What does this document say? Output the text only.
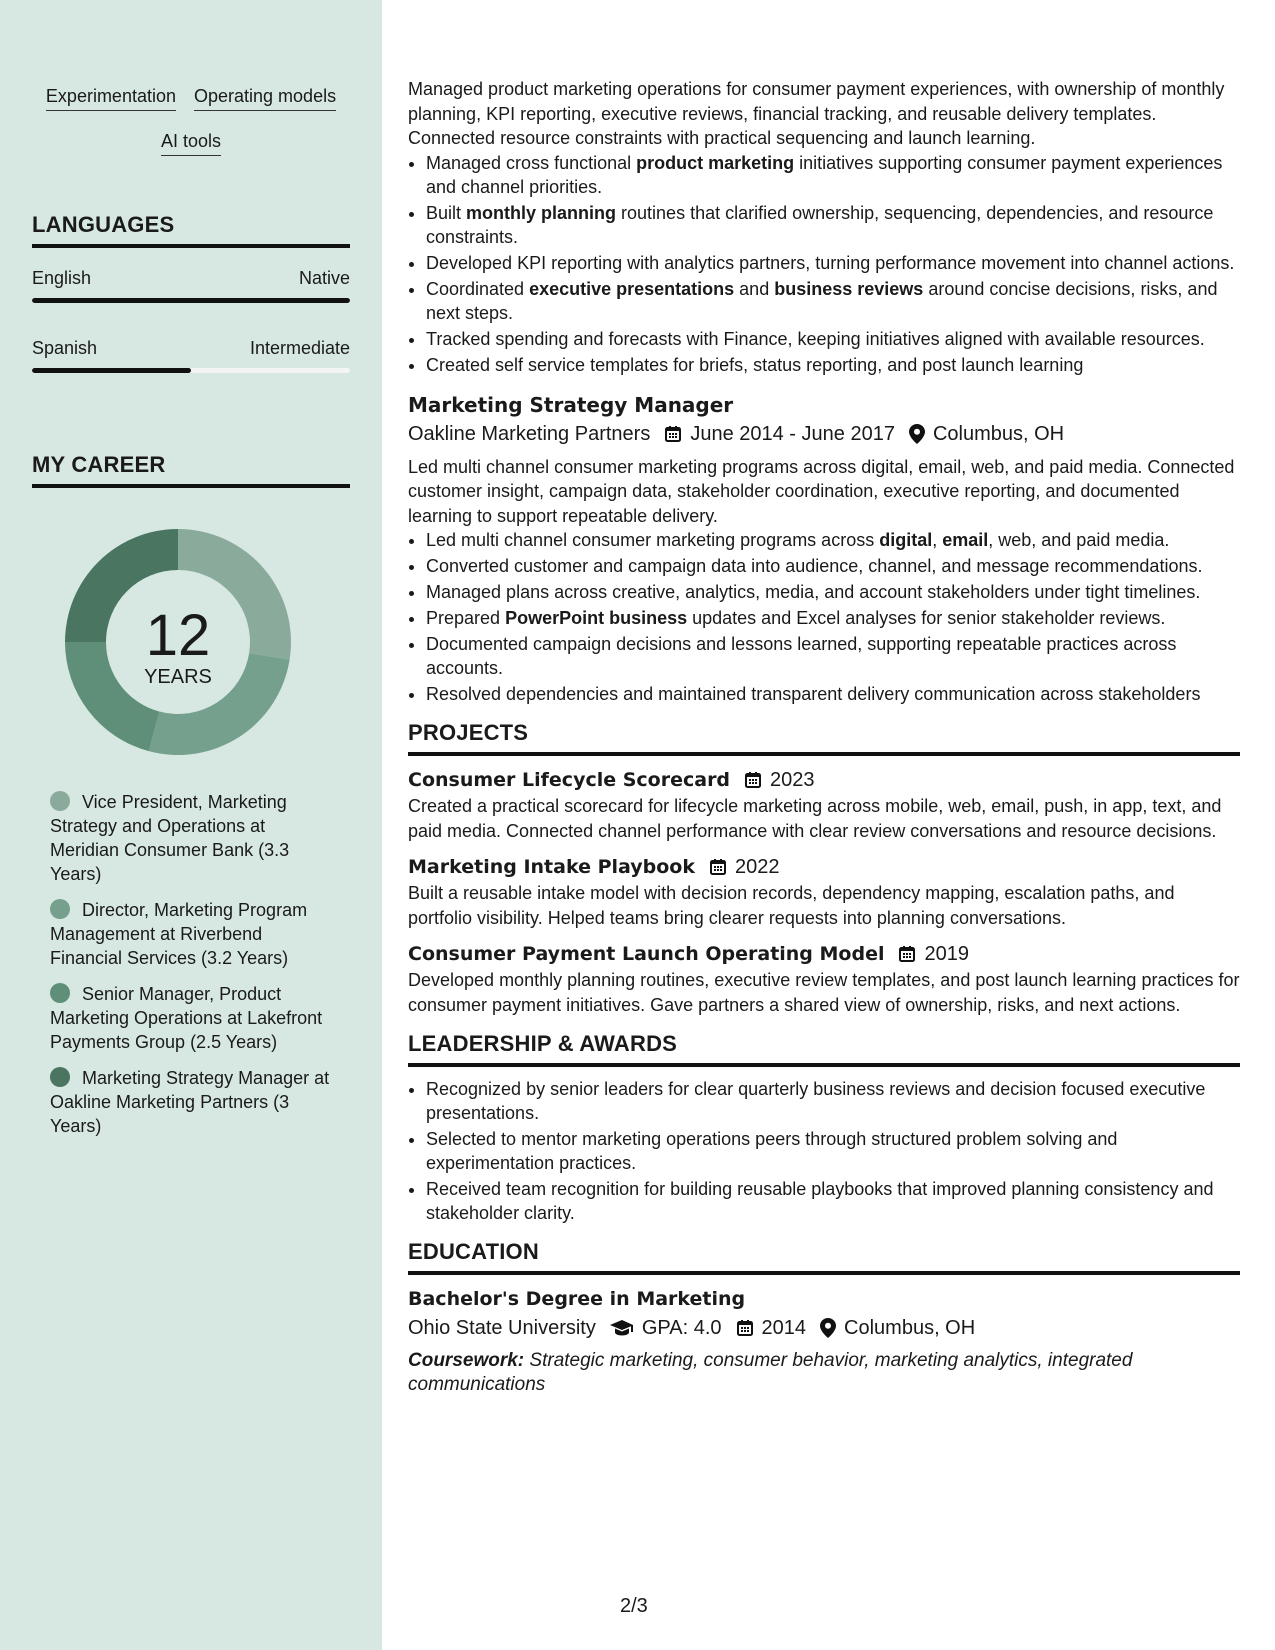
Experimentation Operating models
AI tools
LANGUAGES
English	Native
Spanish	Intermediate
MY CAREER
12
YEARS
Vice President, Marketing Strategy and Operations at Meridian Consumer Bank (3.3 Years)
Director, Marketing Program Management at Riverbend Financial Services (3.2 Years)
Senior Manager, Product Marketing Operations at Lakefront Payments Group (2.5 Years)
Marketing Strategy Manager at Oakline Marketing Partners (3 Years)

Managed product marketing operations for consumer payment experiences, with ownership of monthly planning, KPI reporting, executive reviews, financial tracking, and reusable delivery templates. Connected resource constraints with practical sequencing and launch learning.

• Managed cross functional product marketing initiatives supporting consumer payment experiences and channel priorities.
• Built monthly planning routines that clarified ownership, sequencing, dependencies, and resource constraints.
• Developed KPI reporting with analytics partners, turning performance movement into channel actions.
• Coordinated executive presentations and business reviews around concise decisions, risks, and next steps.
• Tracked spending and forecasts with Finance, keeping initiatives aligned with available resources.
• Created self service templates for briefs, status reporting, and post launch learning
Marketing Strategy Manager
Oakline Marketing Partners June 2014 - June 2017 Columbus, OH

Led multi channel consumer marketing programs across digital, email, web, and paid media. Connected customer insight, campaign data, stakeholder coordination, executive reporting, and documented learning to support repeatable delivery.

• Led multi channel consumer marketing programs across digital, email, web, and paid media.
• Converted customer and campaign data into audience, channel, and message recommendations.
• Managed plans across creative, analytics, media, and account stakeholders under tight timelines.
• Prepared PowerPoint business updates and Excel analyses for senior stakeholder reviews.
• Documented campaign decisions and lessons learned, supporting repeatable practices across accounts.
• Resolved dependencies and maintained transparent delivery communication across stakeholders
PROJECTS
Consumer Lifecycle Scorecard 2023

Created a practical scorecard for lifecycle marketing across mobile, web, email, push, in app, text, and paid media. Connected channel performance with clear review conversations and resource decisions.

Marketing Intake Playbook 2022

Built a reusable intake model with decision records, dependency mapping, escalation paths, and portfolio visibility. Helped teams bring clearer requests into planning conversations.

Consumer Payment Launch Operating Model 2019

Developed monthly planning routines, executive review templates, and post launch learning practices for consumer payment initiatives. Gave partners a shared view of ownership, risks, and next actions.

LEADERSHIP & AWARDS
• Recognized by senior leaders for clear quarterly business reviews and decision focused executive presentations.
• Selected to mentor marketing operations peers through structured problem solving and experimentation practices.
• Received team recognition for building reusable playbooks that improved planning consistency and stakeholder clarity.
EDUCATION
Bachelor's Degree in Marketing
Ohio State University GPA: 4.0 2014 Columbus, OH

Coursework: Strategic marketing, consumer behavior, marketing analytics, integrated communications

2/3
